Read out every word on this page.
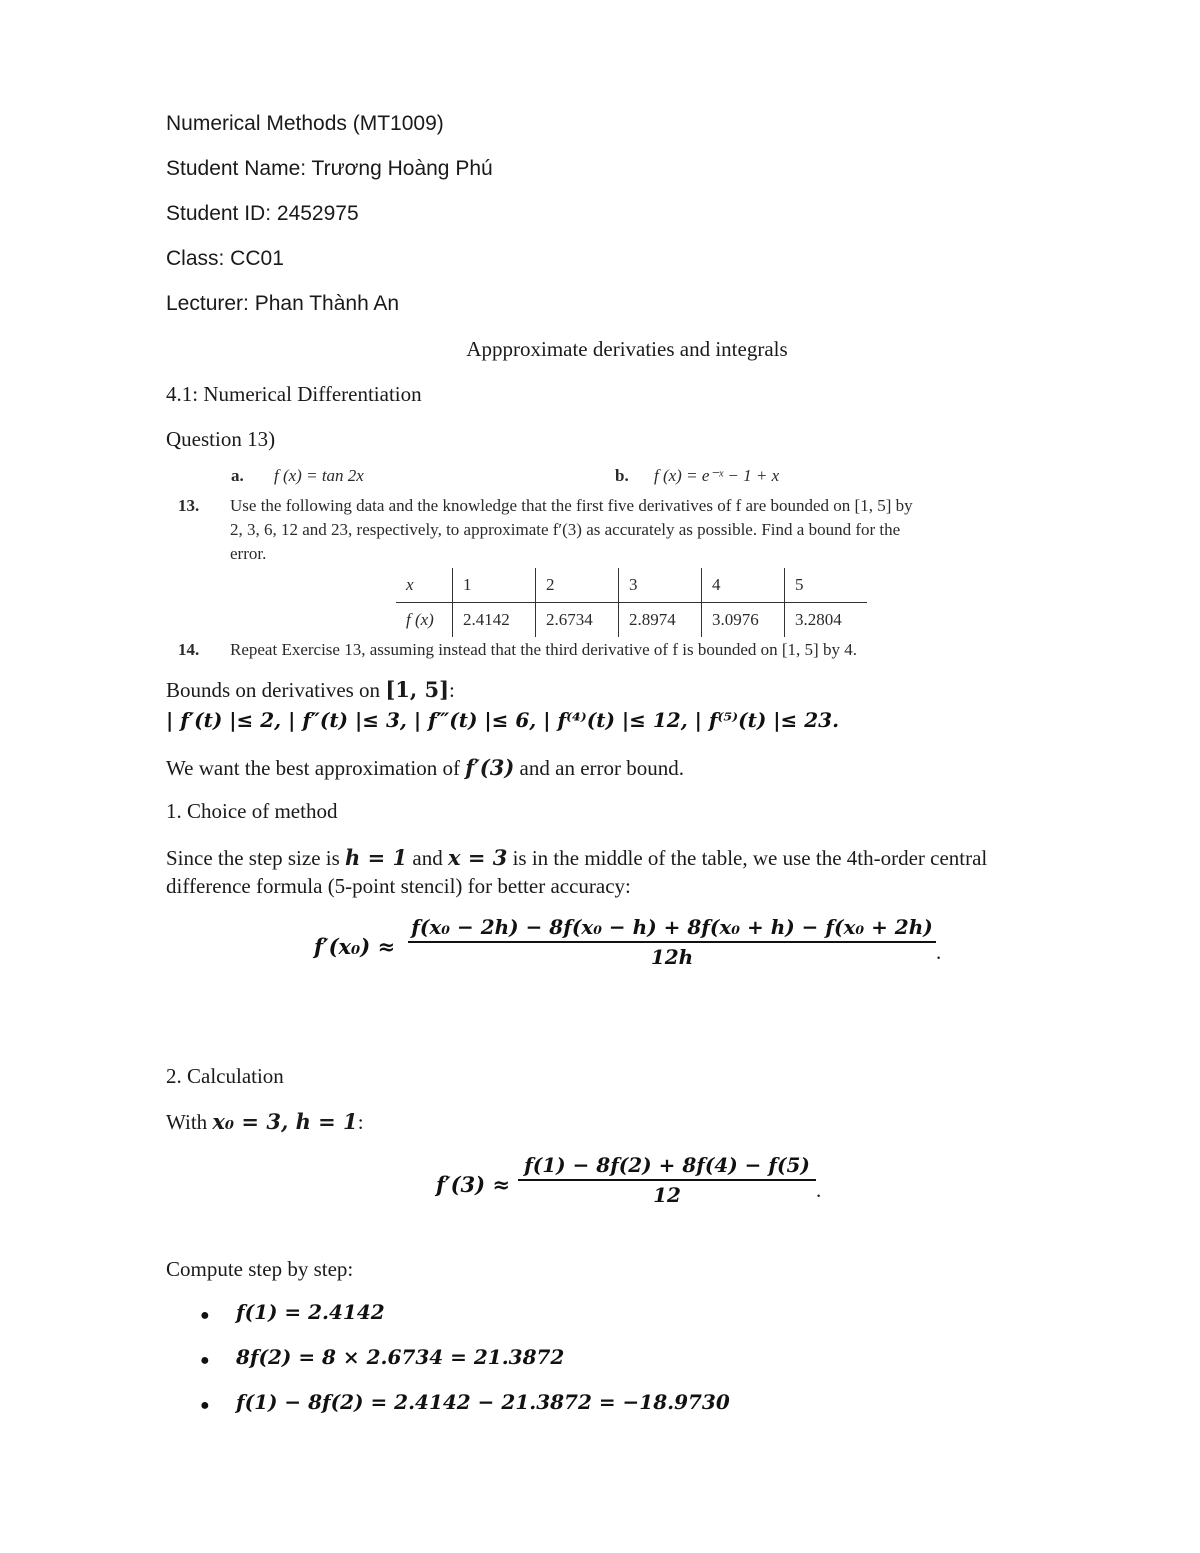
Numerical Methods (MT1009)
Student Name: Trương Hoàng Phú
Student ID: 2452975
Class: CC01
Lecturer: Phan Thành An
Appproximate derivaties and integrals
4.1: Numerical Differentiation
Question 13)
a. f (x) = tan 2x	b. f (x) = e⁻ˣ − 1 + x
13. Use the following data and the knowledge that the first five derivatives of f are bounded on [1, 5] by
2, 3, 6, 12 and 23, respectively, to approximate f′(3) as accurately as possible. Find a bound for the
error.
x	1	2	3	4	5
f (x)	2.4142	2.6734	2.8974	3.0976	3.2804
14. Repeat Exercise 13, assuming instead that the third derivative of f is bounded on [1, 5] by 4.
Bounds on derivatives on [1, 5]:
| f′(t) |≤ 2, | f″(t) |≤ 3, | f‴(t) |≤ 6, | f⁽⁴⁾(t) |≤ 12, | f⁽⁵⁾(t) |≤ 23.
We want the best approximation of f′(3) and an error bound.
1. Choice of method
Since the step size is h = 1 and x = 3 is in the middle of the table, we use the 4th-order central
difference formula (5-point stencil) for better accuracy:
f′(x₀) ≈
f(x₀ − 2h) − 8f(x₀ − h) + 8f(x₀ + h) − f(x₀ + 2h)
12h	.
2. Calculation
With x₀ = 3, h = 1:
f′(3) ≈
f(1) − 8f(2) + 8f(4) − f(5)
12	.
Compute step by step:
● f(1) = 2.4142
● 8f(2) = 8 × 2.6734 = 21.3872
● f(1) − 8f(2) = 2.4142 − 21.3872 = −18.9730
